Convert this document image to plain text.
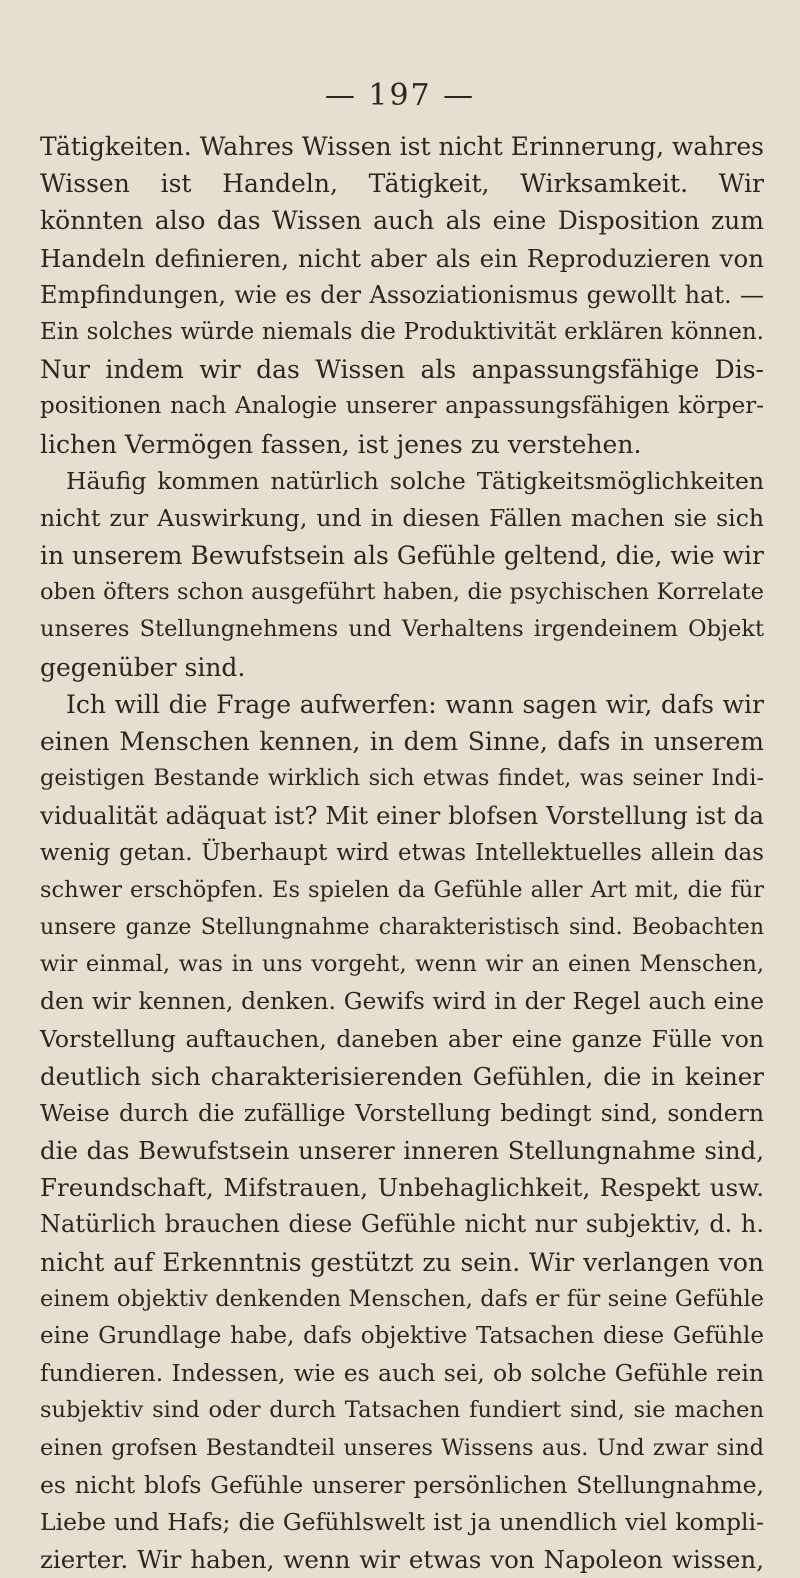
— 197 —
Tätigkeiten. Wahres Wissen ist nicht Erinnerung, wahres
Wissen ist Handeln, Tätigkeit, Wirksamkeit. Wir
könnten also das Wissen auch als eine Disposition zum
Handeln definieren, nicht aber als ein Reproduzieren von
Empfindungen, wie es der Assoziationismus gewollt hat. —
Ein solches würde niemals die Produktivität erklären können.
Nur indem wir das Wissen als anpassungsfähige Dis-
positionen nach Analogie unserer anpassungsfähigen körper-
lichen Vermögen fassen, ist jenes zu verstehen.
Häufig kommen natürlich solche Tätigkeitsmöglichkeiten
nicht zur Auswirkung, und in diesen Fällen machen sie sich
in unserem Bewufstsein als Gefühle geltend, die, wie wir
oben öfters schon ausgeführt haben, die psychischen Korrelate
unseres Stellungnehmens und Verhaltens irgendeinem Objekt
gegenüber sind.
Ich will die Frage aufwerfen: wann sagen wir, dafs wir
einen Menschen kennen, in dem Sinne, dafs in unserem
geistigen Bestande wirklich sich etwas findet, was seiner Indi-
vidualität adäquat ist? Mit einer blofsen Vorstellung ist da
wenig getan. Überhaupt wird etwas Intellektuelles allein das
schwer erschöpfen. Es spielen da Gefühle aller Art mit, die für
unsere ganze Stellungnahme charakteristisch sind. Beobachten
wir einmal, was in uns vorgeht, wenn wir an einen Menschen,
den wir kennen, denken. Gewifs wird in der Regel auch eine
Vorstellung auftauchen, daneben aber eine ganze Fülle von
deutlich sich charakterisierenden Gefühlen, die in keiner
Weise durch die zufällige Vorstellung bedingt sind, sondern
die das Bewufstsein unserer inneren Stellungnahme sind,
Freundschaft, Mifstrauen, Unbehaglichkeit, Respekt usw.
Natürlich brauchen diese Gefühle nicht nur subjektiv, d. h.
nicht auf Erkenntnis gestützt zu sein. Wir verlangen von
einem objektiv denkenden Menschen, dafs er für seine Gefühle
eine Grundlage habe, dafs objektive Tatsachen diese Gefühle
fundieren. Indessen, wie es auch sei, ob solche Gefühle rein
subjektiv sind oder durch Tatsachen fundiert sind, sie machen
einen grofsen Bestandteil unseres Wissens aus. Und zwar sind
es nicht blofs Gefühle unserer persönlichen Stellungnahme,
Liebe und Hafs; die Gefühlswelt ist ja unendlich viel kompli-
zierter. Wir haben, wenn wir etwas von Napoleon wissen,
